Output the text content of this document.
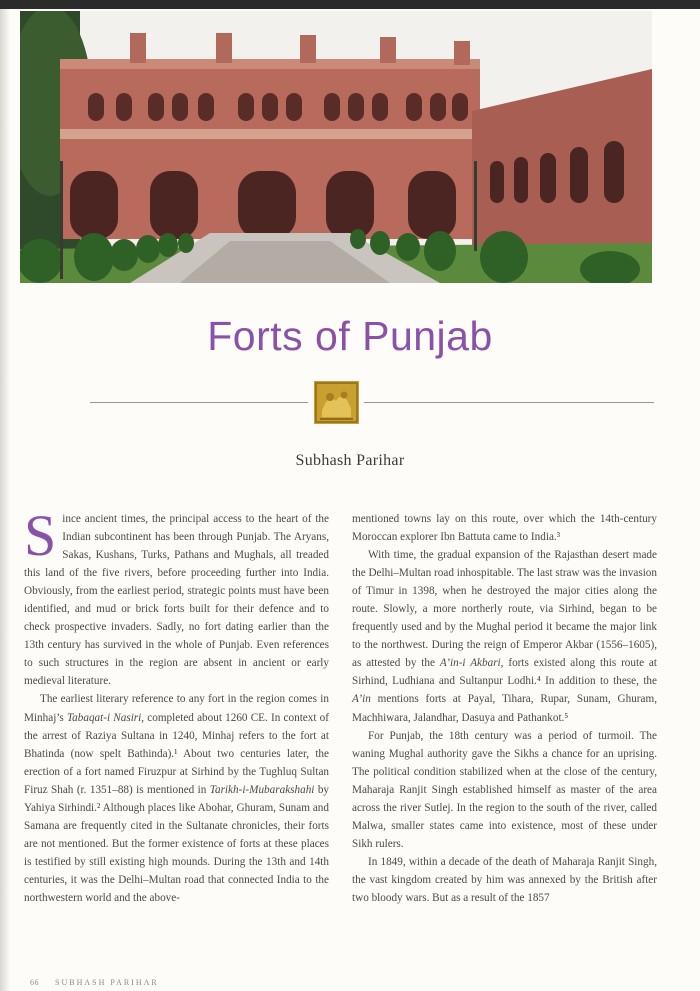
Forts of Punjab
Subhash Parihar

Since ancient times, the principal access to the heart of the Indian subcontinent has been through Punjab. The Aryans, Sakas, Kushans, Turks, Pathans and Mughals, all treaded this land of the five rivers, before proceeding further into India. Obviously, from the earliest period, strategic points must have been identified, and mud or brick forts built for their defence and to check prospective invaders. Sadly, no fort dating earlier than the 13th century has survived in the whole of Punjab. Even references to such structures in the region are absent in ancient or early medieval literature.

The earliest literary reference to any fort in the region comes in Minhaj’s Tabaqat-i Nasiri, completed about 1260 CE. In context of the arrest of Raziya Sultana in 1240, Minhaj refers to the fort at Bhatinda (now spelt Bathinda).¹ About two centuries later, the erection of a fort named Firuzpur at Sirhind by the Tughluq Sultan Firuz Shah (r. 1351–88) is mentioned in Tarikh-i-Mubarakshahi by Yahiya Sirhindi.² Although places like Abohar, Ghuram, Sunam and Samana are frequently cited in the Sultanate chronicles, their forts are not mentioned. But the former existence of forts at these places is testified by still existing high mounds. During the 13th and 14th centuries, it was the Delhi–Multan road that connected India to the northwestern world and the above-

mentioned towns lay on this route, over which the 14th-century Moroccan explorer Ibn Battuta came to India.³

With time, the gradual expansion of the Rajasthan desert made the Delhi–Multan road inhospitable. The last straw was the invasion of Timur in 1398, when he destroyed the major cities along the route. Slowly, a more northerly route, via Sirhind, began to be frequently used and by the Mughal period it became the major link to the northwest. During the reign of Emperor Akbar (1556–1605), as attested by the A’in-i Akbari, forts existed along this route at Sirhind, Ludhiana and Sultanpur Lodhi.⁴ In addition to these, the A’in mentions forts at Payal, Tihara, Rupar, Sunam, Ghuram, Machhiwara, Jalandhar, Dasuya and Pathankot.⁵

For Punjab, the 18th century was a period of turmoil. The waning Mughal authority gave the Sikhs a chance for an uprising. The political condition stabilized when at the close of the century, Maharaja Ranjit Singh established himself as master of the area across the river Sutlej. In the region to the south of the river, called Malwa, smaller states came into existence, most of these under Sikh rulers.

In 1849, within a decade of the death of Maharaja Ranjit Singh, the vast kingdom created by him was annexed by the British after two bloody wars. But as a result of the 1857

66 SUBHASH PARIHAR
